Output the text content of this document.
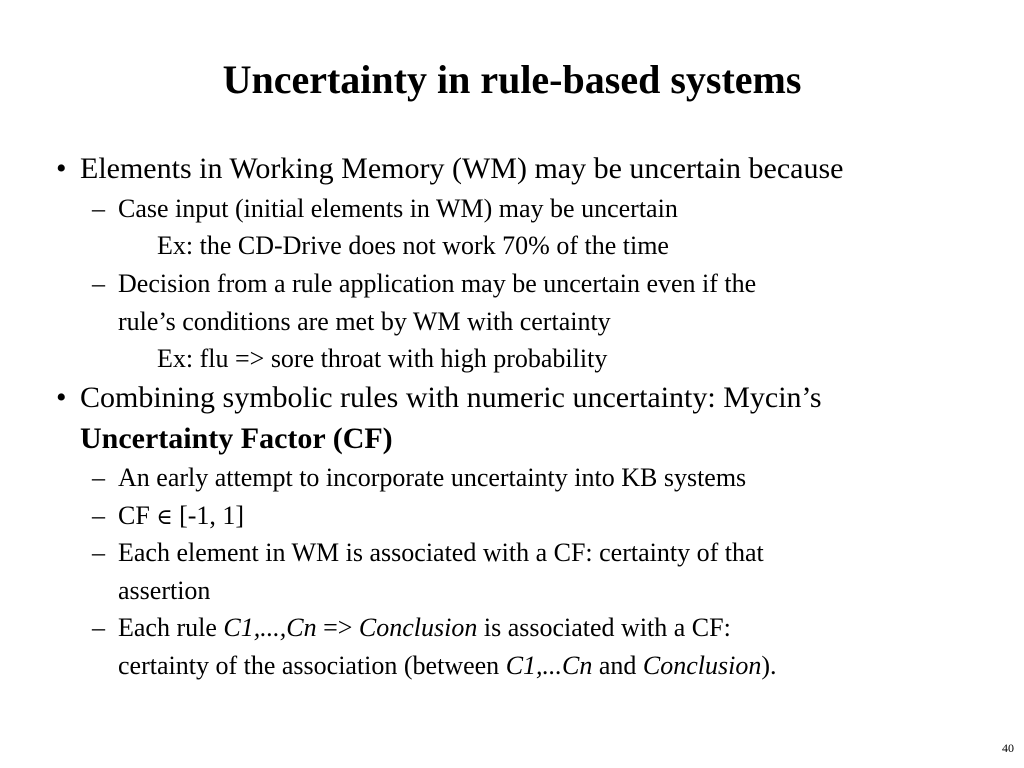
Uncertainty in rule-based systems
• Elements in Working Memory (WM) may be uncertain because
– Case input (initial elements in WM) may be uncertain
Ex: the CD-Drive does not work 70% of the time
– Decision from a rule application may be uncertain even if the
rule’s conditions are met by WM with certainty
Ex: flu => sore throat with high probability
• Combining symbolic rules with numeric uncertainty: Mycin’s
Uncertainty Factor (CF)
– An early attempt to incorporate uncertainty into KB systems
– CF ∈ [-1, 1]
– Each element in WM is associated with a CF: certainty of that
assertion
– Each rule C1,...,Cn => Conclusion is associated with a CF:
certainty of the association (between C1,...Cn and Conclusion).
40
